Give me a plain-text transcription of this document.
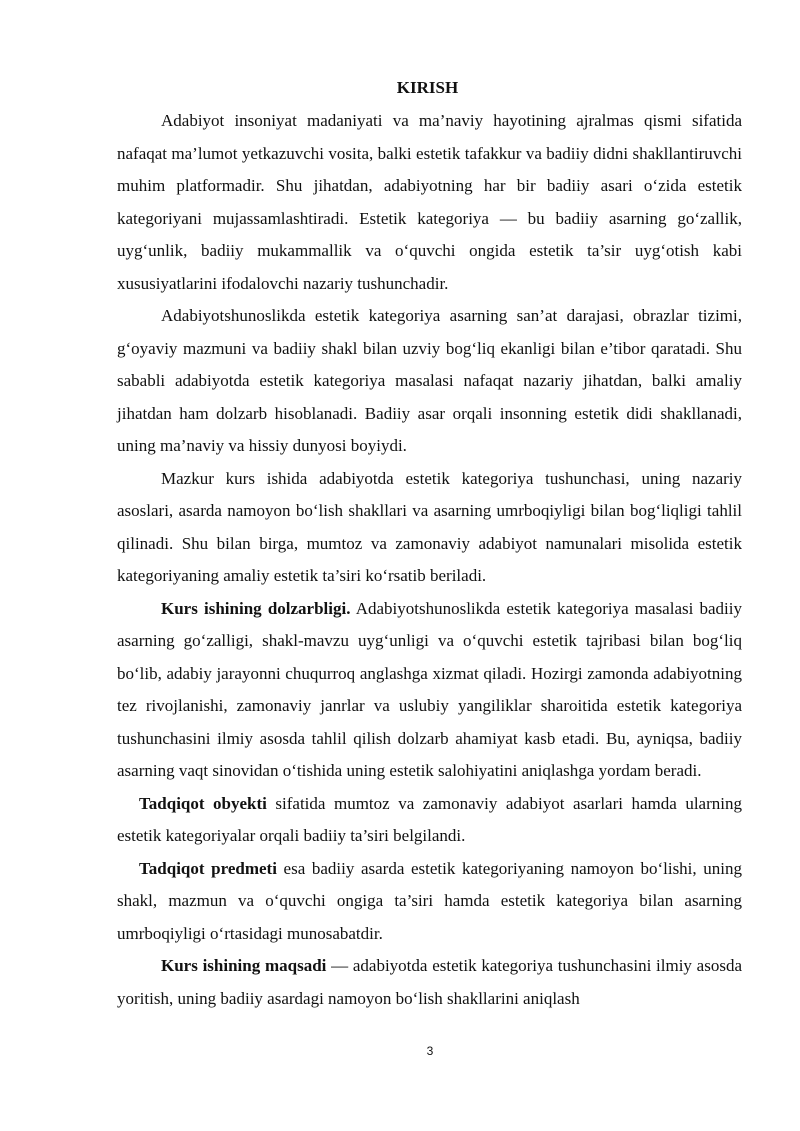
KIRISH

Adabiyot insoniyat madaniyati va ma’naviy hayotining ajralmas qismi sifatida nafaqat ma’lumot yetkazuvchi vosita, balki estetik tafakkur va badiiy didni shakllantiruvchi muhim platformadir. Shu jihatdan, adabiyotning har bir badiiy asari o‘zida estetik kategoriyani mujassamlashtiradi. Estetik kategoriya — bu badiiy asarning go‘zallik, uyg‘unlik, badiiy mukammallik va o‘quvchi ongida estetik ta’sir uyg‘otish kabi xususiyatlarini ifodalovchi nazariy tushunchadir.

Adabiyotshunoslikda estetik kategoriya asarning san’at darajasi, obrazlar tizimi, g‘oyaviy mazmuni va badiiy shakl bilan uzviy bog‘liq ekanligi bilan e’tibor qaratadi. Shu sababli adabiyotda estetik kategoriya masalasi nafaqat nazariy jihatdan, balki amaliy jihatdan ham dolzarb hisoblanadi. Badiiy asar orqali insonning estetik didi shakllanadi, uning ma’naviy va hissiy dunyosi boyiydi.

Mazkur kurs ishida adabiyotda estetik kategoriya tushunchasi, uning nazariy asoslari, asarda namoyon bo‘lish shakllari va asarning umrboqiyligi bilan bog‘liqligi tahlil qilinadi. Shu bilan birga, mumtoz va zamonaviy adabiyot namunalari misolida estetik kategoriyaning amaliy estetik ta’siri ko‘rsatib beriladi.

Kurs ishining dolzarbligi. Adabiyotshunoslikda estetik kategoriya masalasi badiiy asarning go‘zalligi, shakl-mavzu uyg‘unligi va o‘quvchi estetik tajribasi bilan bog‘liq bo‘lib, adabiy jarayonni chuqurroq anglashga xizmat qiladi. Hozirgi zamonda adabiyotning tez rivojlanishi, zamonaviy janrlar va uslubiy yangiliklar sharoitida estetik kategoriya tushunchasini ilmiy asosda tahlil qilish dolzarb ahamiyat kasb etadi. Bu, ayniqsa, badiiy asarning vaqt sinovidan o‘tishida uning estetik salohiyatini aniqlashga yordam beradi.

Tadqiqot obyekti sifatida mumtoz va zamonaviy adabiyot asarlari hamda ularning estetik kategoriyalar orqali badiiy ta’siri belgilandi.

Tadqiqot predmeti esa badiiy asarda estetik kategoriyaning namoyon bo‘lishi, uning shakl, mazmun va o‘quvchi ongiga ta’siri hamda estetik kategoriya bilan asarning umrboqiyligi o‘rtasidagi munosabatdir.

Kurs ishining maqsadi — adabiyotda estetik kategoriya tushunchasini ilmiy asosda yoritish, uning badiiy asardagi namoyon bo‘lish shakllarini aniqlash

3
